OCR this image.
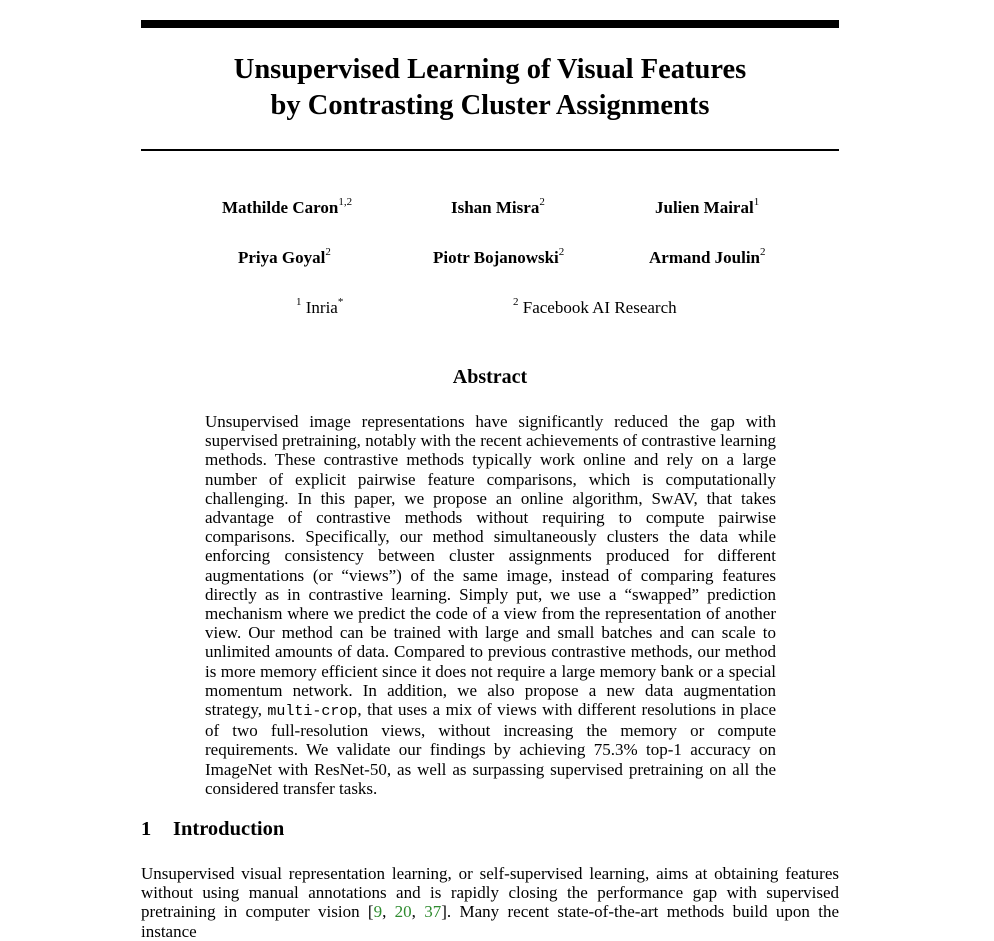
Unsupervised Learning of Visual Features
by Contrasting Cluster Assignments
Mathilde Caron$^{1,2}$	Ishan Misra$^2$	Julien Mairal$^1$
Priya Goyal$^2$	Piotr Bojanowski$^2$	Armand Joulin$^2$
$^1$ Inria*	$^2$ Facebook AI Research
Abstract
Unsupervised image representations have significantly reduced the gap with supervised pretraining, notably with the recent achievements of contrastive learning methods. These contrastive methods typically work online and rely on a large number of explicit pairwise feature comparisons, which is computationally challenging. In this paper, we propose an online algorithm, SwAV, that takes advantage of contrastive methods without requiring to compute pairwise comparisons. Specifically, our method simultaneously clusters the data while enforcing consistency between cluster assignments produced for different augmentations (or “views”) of the same image, instead of comparing features directly as in contrastive learning. Simply put, we use a “swapped” prediction mechanism where we predict the code of a view from the representation of another view. Our method can be trained with large and small batches and can scale to unlimited amounts of data. Compared to previous contrastive methods, our method is more memory efficient since it does not require a large memory bank or a special momentum network. In addition, we also propose a new data augmentation strategy, multi-crop, that uses a mix of views with different resolutions in place of two full-resolution views, without increasing the memory or compute requirements. We validate our findings by achieving 75.3% top-1 accuracy on ImageNet with ResNet-50, as well as surpassing supervised pretraining on all the considered transfer tasks.
1 Introduction
Unsupervised visual representation learning, or self-supervised learning, aims at obtaining features without using manual annotations and is rapidly closing the performance gap with supervised pretraining in computer vision [9, 20, 37]. Many recent state-of-the-art methods build upon the instance
